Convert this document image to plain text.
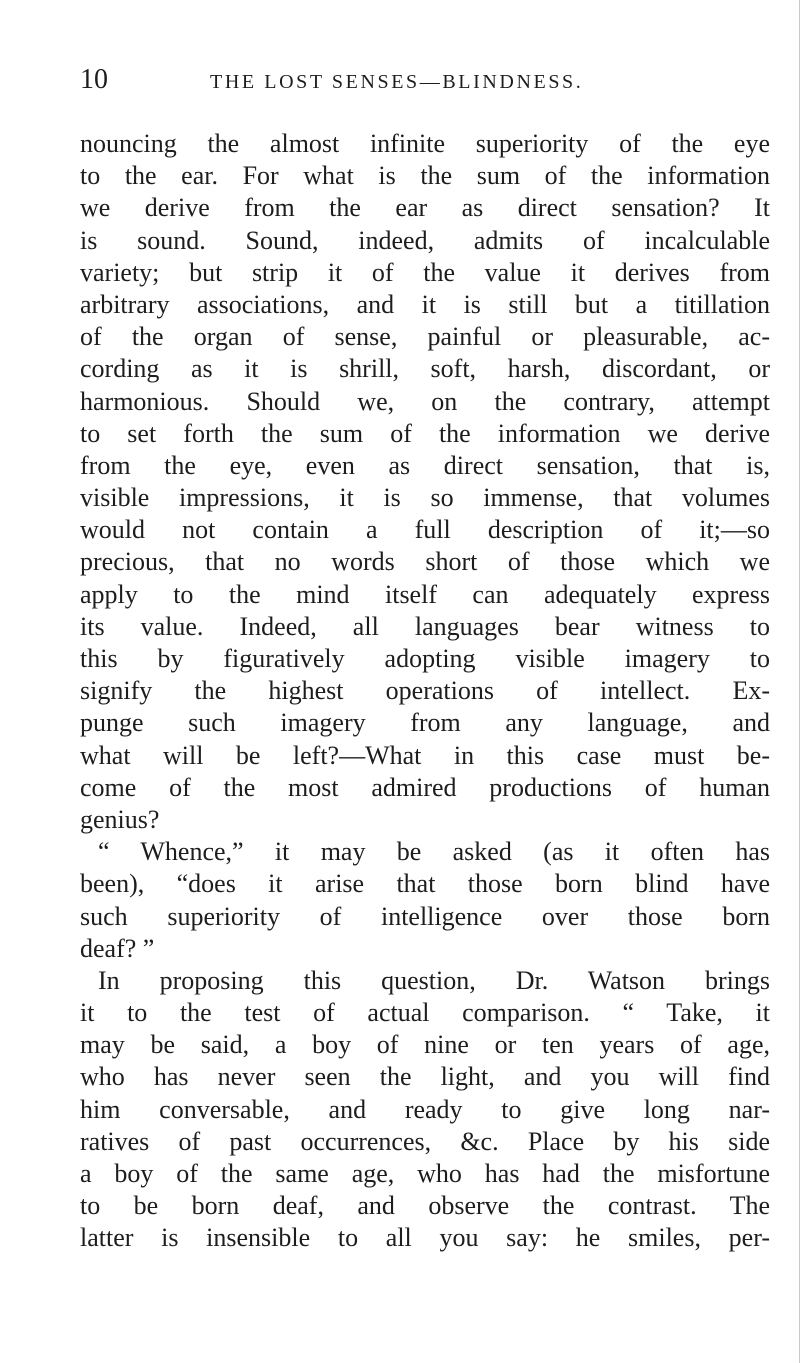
10	THE LOST SENSES—BLINDNESS.
nouncing the almost infinite superiority of the eye
to the ear. For what is the sum of the information
we derive from the ear as direct sensation? It
is sound. Sound, indeed, admits of incalculable
variety; but strip it of the value it derives from
arbitrary associations, and it is still but a titillation
of the organ of sense, painful or pleasurable, ac-
cording as it is shrill, soft, harsh, discordant, or
harmonious. Should we, on the contrary, attempt
to set forth the sum of the information we derive
from the eye, even as direct sensation, that is,
visible impressions, it is so immense, that volumes
would not contain a full description of it;—so
precious, that no words short of those which we
apply to the mind itself can adequately express
its value. Indeed, all languages bear witness to
this by figuratively adopting visible imagery to
signify the highest operations of intellect. Ex-
punge such imagery from any language, and
what will be left?—What in this case must be-
come of the most admired productions of human
genius?
“ Whence,” it may be asked (as it often has
been), “does it arise that those born blind have
such superiority of intelligence over those born
deaf? ”
In proposing this question, Dr. Watson brings
it to the test of actual comparison. “ Take, it
may be said, a boy of nine or ten years of age,
who has never seen the light, and you will find
him conversable, and ready to give long nar-
ratives of past occurrences, &c. Place by his side
a boy of the same age, who has had the misfortune
to be born deaf, and observe the contrast. The
latter is insensible to all you say: he smiles, per-
